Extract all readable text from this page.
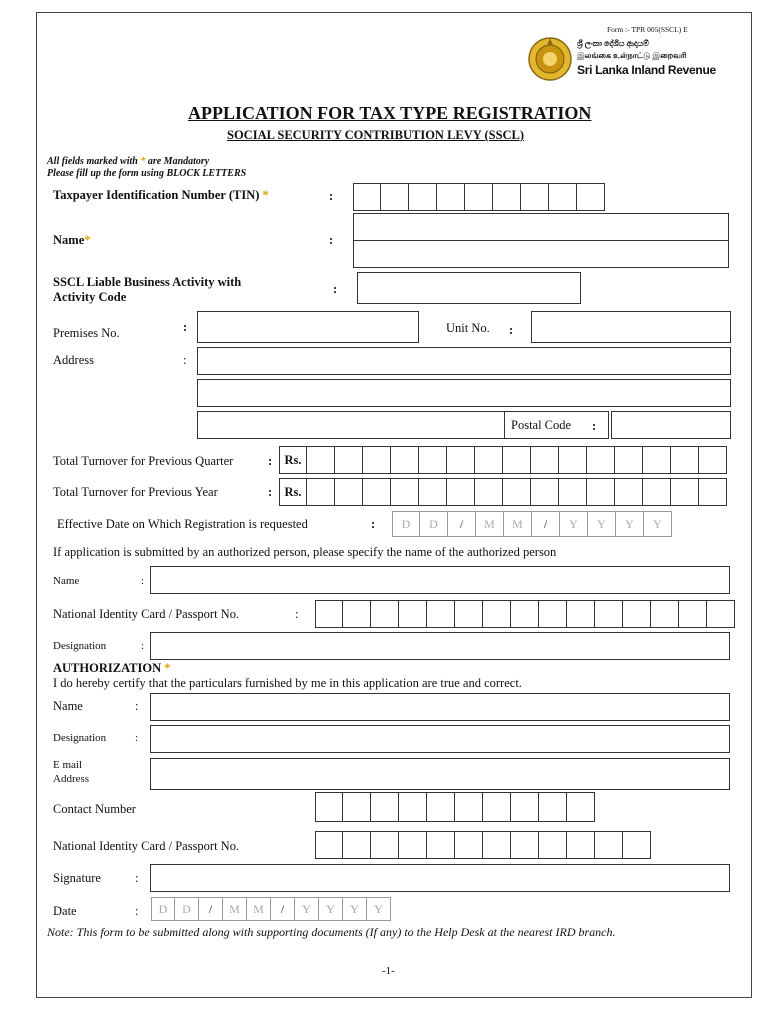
Form :- TPR 005(SSCL) E
ශ්‍රී ලංකා දේශීය ආදායම්
இலங்கை உள்நாட்டு இறைவரி
Sri Lanka Inland Revenue
APPLICATION FOR TAX TYPE REGISTRATION
SOCIAL SECURITY CONTRIBUTION LEVY (SSCL)
All fields marked with * are Mandatory
Please fill up the form using BLOCK LETTERS
Taxpayer Identification Number (TIN) *	:
Name*	:
SSCL Liable Business Activity with
Activity Code
:
Premises No.	:	Unit No. :
Address	:
Postal Code :
Total Turnover for Previous Quarter	: Rs.
Total Turnover for Previous Year	: Rs.
Effective Date on Which Registration is requested	:	D	D	/	M	M	/	Y	Y	Y	Y
If application is submitted by an authorized person, please specify the name of the authorized person
Name	:
National Identity Card / Passport No.	:
Designation	:
AUTHORIZATION *
I do hereby certify that the particulars furnished by me in this application are true and correct.
Name	:
Designation	:
E mail
Address
Contact Number
National Identity Card / Passport No.
Signature	:
Date	:	D	D	/	M	M	/	Y	Y	Y	Y
Note: This form to be submitted along with supporting documents (If any) to the Help Desk at the nearest IRD branch.
-1-
